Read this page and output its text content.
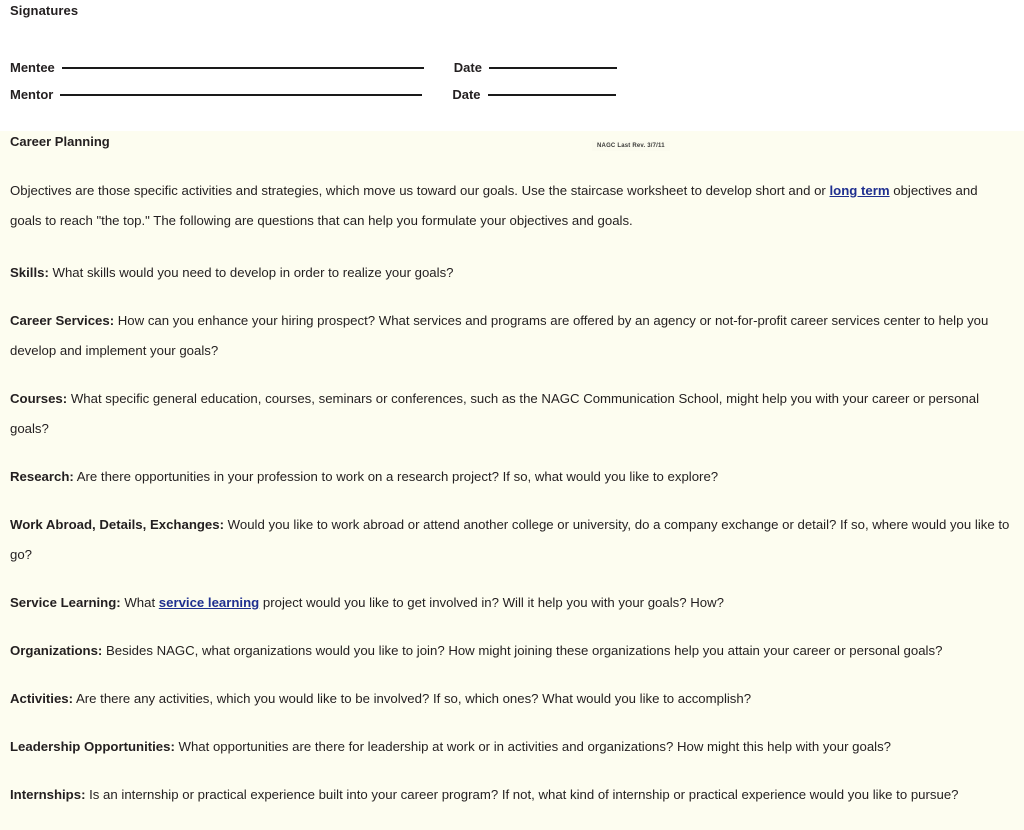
Signatures
Mentee	Date
Mentor	Date
Career Planning	NAGC Last Rev. 3/7/11

Objectives are those specific activities and strategies, which move us toward our goals. Use the staircase worksheet to develop short and or long term objectives and goals to reach "the top." The following are questions that can help you formulate your objectives and goals.

Skills: What skills would you need to develop in order to realize your goals?

Career Services: How can you enhance your hiring prospect? What services and programs are offered by an agency or not-for-profit career services center to help you develop and implement your goals?

Courses: What specific general education, courses, seminars or conferences, such as the NAGC Communication School, might help you with your career or personal goals?

Research: Are there opportunities in your profession to work on a research project? If so, what would you like to explore?

Work Abroad, Details, Exchanges: Would you like to work abroad or attend another college or university, do a company exchange or detail? If so, where would you like to go?

Service Learning: What service learning project would you like to get involved in? Will it help you with your goals? How?

Organizations: Besides NAGC, what organizations would you like to join? How might joining these organizations help you attain your career or personal goals?

Activities: Are there any activities, which you would like to be involved? If so, which ones? What would you like to accomplish?

Leadership Opportunities: What opportunities are there for leadership at work or in activities and organizations? How might this help with your goals?

Internships: Is an internship or practical experience built into your career program? If not, what kind of internship or practical experience would you like to pursue?
